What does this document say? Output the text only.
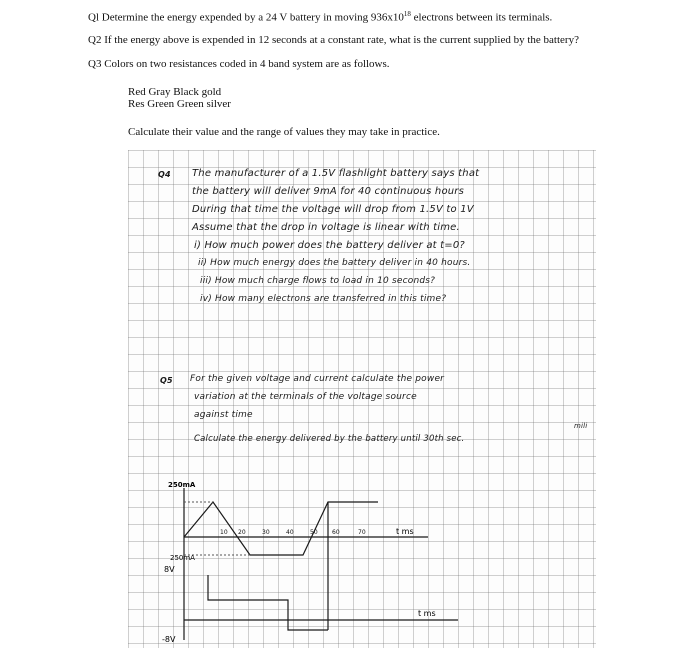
Ql Determine the energy expended by a 24 V battery in moving $936x10^{18}$ electrons between its terminals.
Q2 If the energy above is expended in 12 seconds at a constant rate, what is the current supplied by the battery?
Q3 Colors on two resistances coded in 4 band system are as follows.
Red Gray Black gold
Res Green Green silver
Calculate their value and the range of values they may take in practice.
Q4 The manufacturer of a 1.5V flashlight battery says that
the battery will deliver 9mA for 40 continuous hours
During that time the voltage will drop from 1.5V to 1V
Assume that the drop in voltage is linear with time.
i) How much power does the battery deliver at t=0?
ii) How much energy does the battery deliver in 40 hours.
iii) How much charge flows to load in 10 seconds?
iv) How many electrons are transferred in this time?
Q5 For the given voltage and current calculate the power
variation at the terminals of the voltage source
against time
mili
Calculate the energy delivered by the battery until 30th sec.
250mA
250mA
8V
-8V
t ms
t ms
10 20	30	40	50 60	70
